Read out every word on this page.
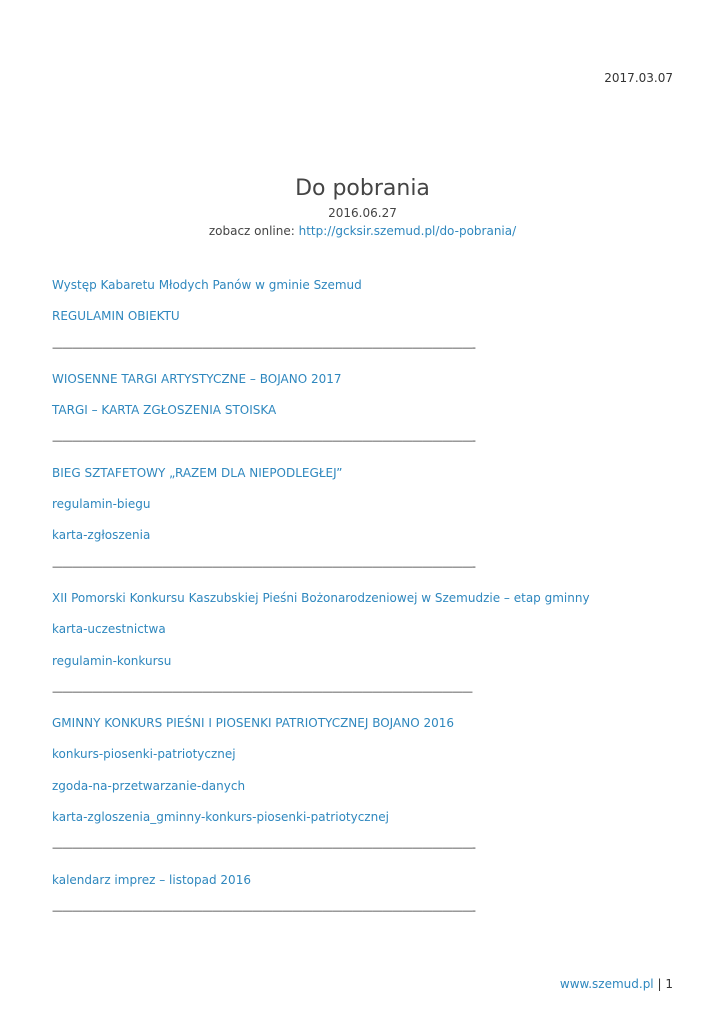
2017.03.07
Do pobrania
2016.06.27
zobacz online: http://gcksir.szemud.pl/do-pobrania/
Występ Kabaretu Młodych Panów w gminie Szemud
REGULAMIN OBIEKTU
——————————————————————————————————————————-
WIOSENNE TARGI ARTYSTYCZNE – BOJANO 2017
TARGI – KARTA ZGŁOSZENIA STOISKA
——————————————————————————————————————————-
BIEG SZTAFETOWY „RAZEM DLA NIEPODLEGŁEJ”
regulamin-biegu
karta-zgłoszenia
——————————————————————————————————————————-
XII Pomorski Konkursu Kaszubskiej Pieśni Bożonarodzeniowej w Szemudzie – etap gminny
karta-uczestnictwa
regulamin-konkursu
——————————————————————————————————————————
GMINNY KONKURS PIEŚNI I PIOSENKI PATRIOTYCZNEJ BOJANO 2016
konkurs-piosenki-patriotycznej
zgoda-na-przetwarzanie-danych
karta-zgloszenia_gminny-konkurs-piosenki-patriotycznej
——————————————————————————————————————————-
kalendarz imprez – listopad 2016
——————————————————————————————————————————-
www.szemud.pl | 1
